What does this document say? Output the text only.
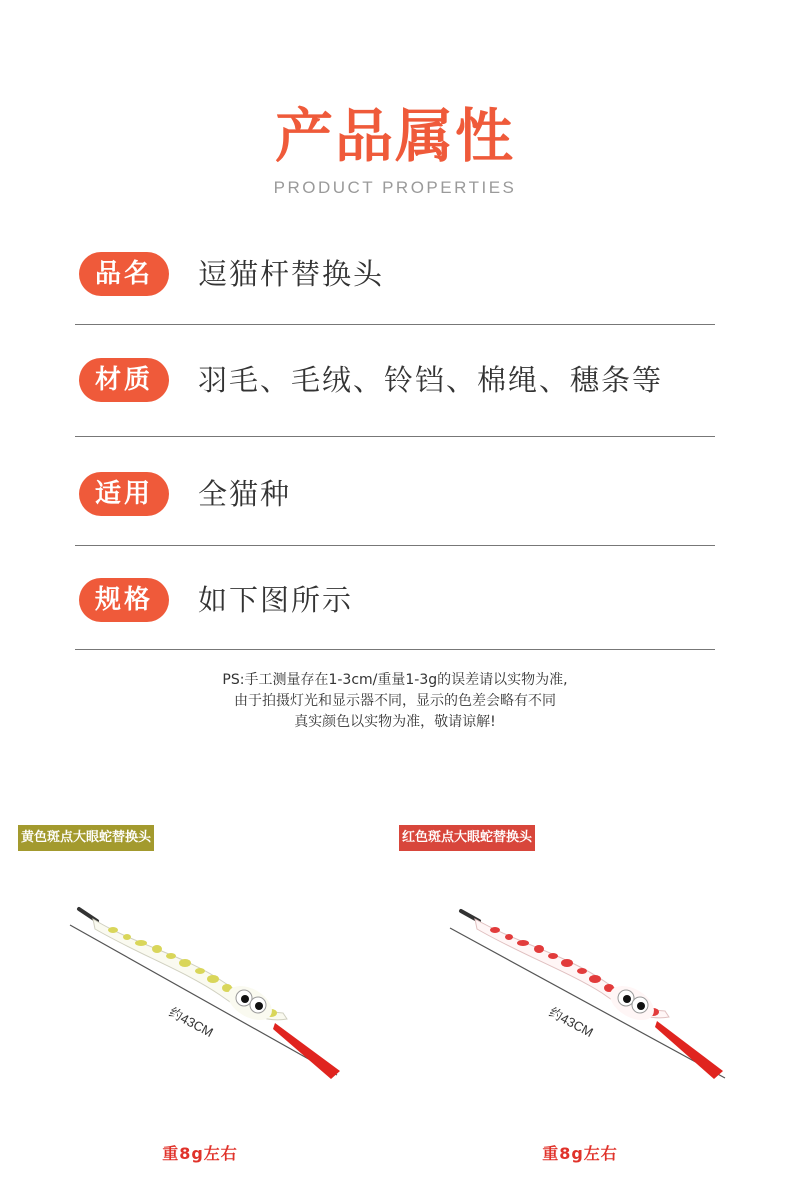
产品属性
PRODUCT PROPERTIES
品名	逗猫杆替换头
材质	羽毛、毛绒、铃铛、棉绳、穗条等
适用	全猫种
规格	如下图所示
PS:手工测量存在1-3cm/重量1-3g的误差请以实物为准,
由于拍摄灯光和显示器不同，显示的色差会略有不同
真实颜色以实物为准，敬请谅解!
黄色斑点大眼蛇替换头
约43CM
重8g左右
红色斑点大眼蛇替换头
约43CM
重8g左右
